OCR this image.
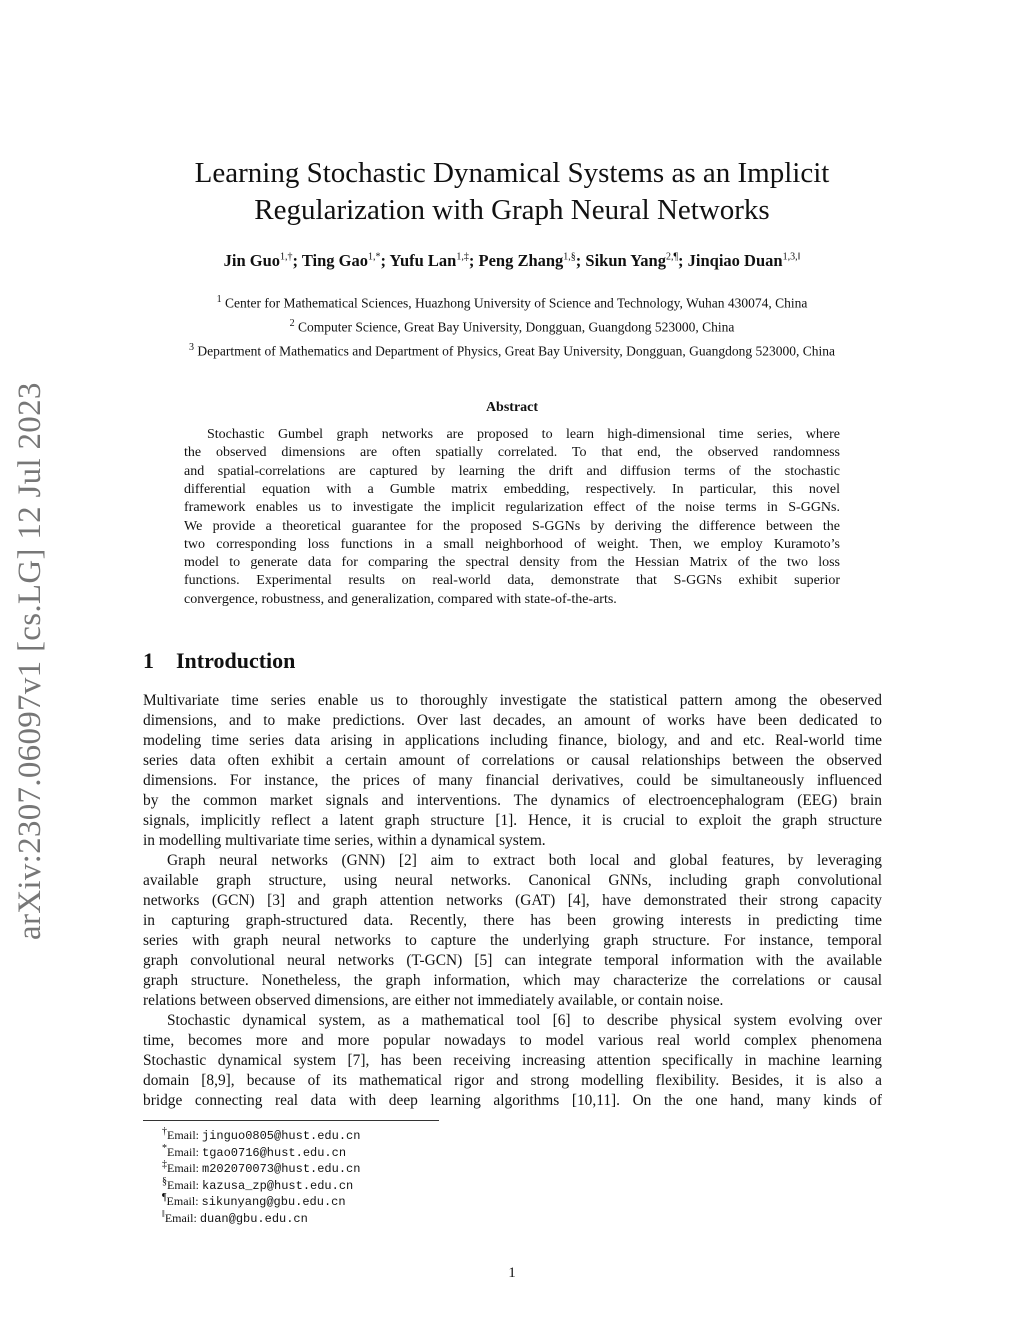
arXiv:2307.06097v1 [cs.LG] 12 Jul 2023
Learning Stochastic Dynamical Systems as an Implicit
Regularization with Graph Neural Networks
Jin Guo$^{1,\dagger}$; Ting Gao$^{1,*}$; Yufu Lan$^{1,\ddagger}$; Peng Zhang$^{1,\S}$; Sikun Yang$^{2,\P}$; Jinqiao Duan$^{1,3,‖}$
$^1$ Center for Mathematical Sciences, Huazhong University of Science and Technology, Wuhan 430074, China
$^2$ Computer Science, Great Bay University, Dongguan, Guangdong 523000, China
$^3$ Department of Mathematics and Department of Physics, Great Bay University, Dongguan, Guangdong 523000, China
Abstract
Stochastic Gumbel graph networks are proposed to learn high-dimensional time series, where
the observed dimensions are often spatially correlated. To that end, the observed randomness
and spatial-correlations are captured by learning the drift and diffusion terms of the stochastic
differential equation with a Gumble matrix embedding, respectively. In particular, this novel
framework enables us to investigate the implicit regularization effect of the noise terms in S-GGNs.
We provide a theoretical guarantee for the proposed S-GGNs by deriving the difference between the
two corresponding loss functions in a small neighborhood of weight. Then, we employ Kuramoto’s
model to generate data for comparing the spectral density from the Hessian Matrix of the two loss
functions. Experimental results on real-world data, demonstrate that S-GGNs exhibit superior
convergence, robustness, and generalization, compared with state-of-the-arts.
1 Introduction
Multivariate time series enable us to thoroughly investigate the statistical pattern among the obeserved
dimensions, and to make predictions. Over last decades, an amount of works have been dedicated to
modeling time series data arising in applications including finance, biology, and and etc. Real-world time
series data often exhibit a certain amount of correlations or causal relationships between the observed
dimensions. For instance, the prices of many financial derivatives, could be simultaneously influenced
by the common market signals and interventions. The dynamics of electroencephalogram (EEG) brain
signals, implicitly reflect a latent graph structure [1]. Hence, it is crucial to exploit the graph structure
in modelling multivariate time series, within a dynamical system.
Graph neural networks (GNN) [2] aim to extract both local and global features, by leveraging
available graph structure, using neural networks. Canonical GNNs, including graph convolutional
networks (GCN) [3] and graph attention networks (GAT) [4], have demonstrated their strong capacity
in capturing graph-structured data. Recently, there has been growing interests in predicting time
series with graph neural networks to capture the underlying graph structure. For instance, temporal
graph convolutional neural networks (T-GCN) [5] can integrate temporal information with the available
graph structure. Nonetheless, the graph information, which may characterize the correlations or causal
relations between observed dimensions, are either not immediately available, or contain noise.
Stochastic dynamical system, as a mathematical tool [6] to describe physical system evolving over
time, becomes more and more popular nowadays to model various real world complex phenomena
Stochastic dynamical system [7], has been receiving increasing attention specifically in machine learning
domain [8,9], because of its mathematical rigor and strong modelling flexibility. Besides, it is also a
bridge connecting real data with deep learning algorithms [10,11]. On the one hand, many kinds of
†Email: jinguo0805@hust.edu.cn
*Email: tgao0716@hust.edu.cn
‡Email: m202070073@hust.edu.cn
§Email: kazusa_zp@hust.edu.cn
¶Email: sikunyang@gbu.edu.cn
‖Email: duan@gbu.edu.cn
1
